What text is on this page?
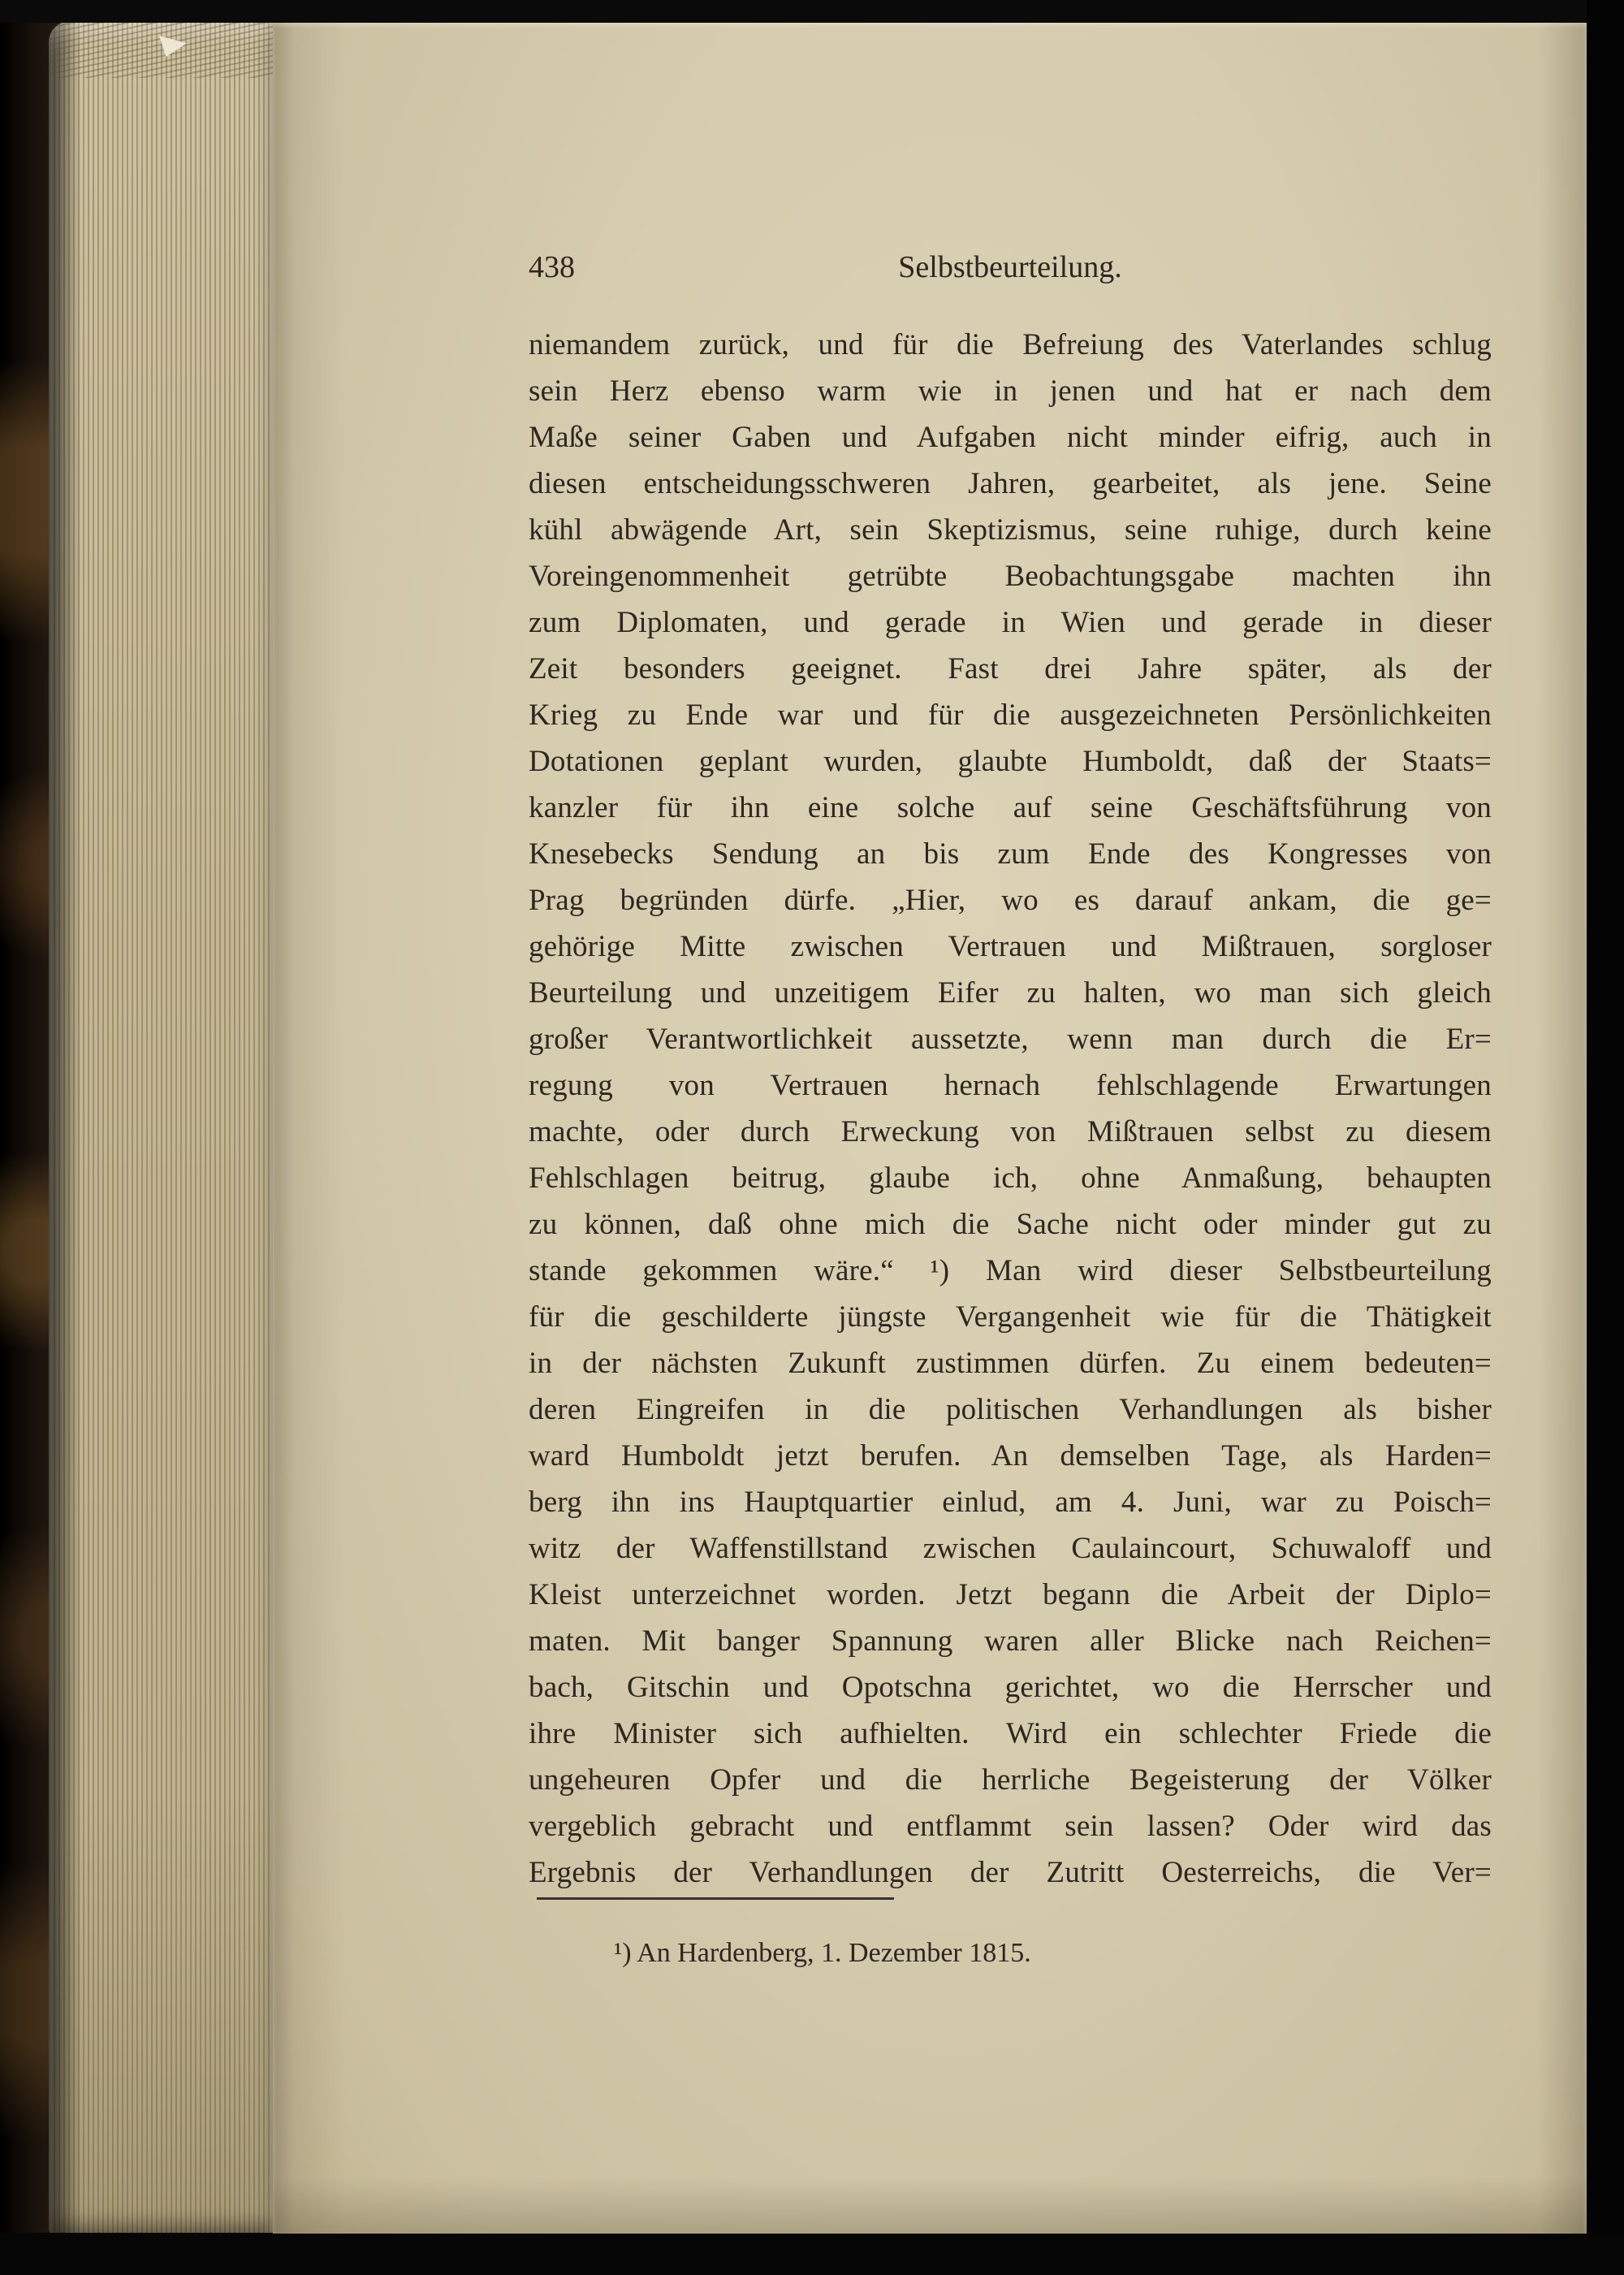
438	Selbstbeurteilung.
niemandem zurück, und für die Befreiung des Vaterlandes schlug
sein Herz ebenso warm wie in jenen und hat er nach dem
Maße seiner Gaben und Aufgaben nicht minder eifrig, auch in
diesen entscheidungsschweren Jahren, gearbeitet, als jene. Seine
kühl abwägende Art, sein Skeptizismus, seine ruhige, durch keine
Voreingenommenheit getrübte Beobachtungsgabe machten ihn
zum Diplomaten, und gerade in Wien und gerade in dieser
Zeit besonders geeignet. Fast drei Jahre später, als der
Krieg zu Ende war und für die ausgezeichneten Persönlichkeiten
Dotationen geplant wurden, glaubte Humboldt, daß der Staats=
kanzler für ihn eine solche auf seine Geschäftsführung von
Knesebecks Sendung an bis zum Ende des Kongresses von
Prag begründen dürfe. „Hier, wo es darauf ankam, die ge=
gehörige Mitte zwischen Vertrauen und Mißtrauen, sorgloser
Beurteilung und unzeitigem Eifer zu halten, wo man sich gleich
großer Verantwortlichkeit aussetzte, wenn man durch die Er=
regung von Vertrauen hernach fehlschlagende Erwartungen
machte, oder durch Erweckung von Mißtrauen selbst zu diesem
Fehlschlagen beitrug, glaube ich, ohne Anmaßung, behaupten
zu können, daß ohne mich die Sache nicht oder minder gut zu
stande gekommen wäre.“ ¹) Man wird dieser Selbstbeurteilung
für die geschilderte jüngste Vergangenheit wie für die Thätigkeit
in der nächsten Zukunft zustimmen dürfen. Zu einem bedeuten=
deren Eingreifen in die politischen Verhandlungen als bisher
ward Humboldt jetzt berufen. An demselben Tage, als Harden=
berg ihn ins Hauptquartier einlud, am 4. Juni, war zu Poisch=
witz der Waffenstillstand zwischen Caulaincourt, Schuwaloff und
Kleist unterzeichnet worden. Jetzt begann die Arbeit der Diplo=
maten. Mit banger Spannung waren aller Blicke nach Reichen=
bach, Gitschin und Opotschna gerichtet, wo die Herrscher und
ihre Minister sich aufhielten. Wird ein schlechter Friede die
ungeheuren Opfer und die herrliche Begeisterung der Völker
vergeblich gebracht und entflammt sein lassen? Oder wird das
Ergebnis der Verhandlungen der Zutritt Oesterreichs, die Ver=
¹) An Hardenberg, 1. Dezember 1815.
